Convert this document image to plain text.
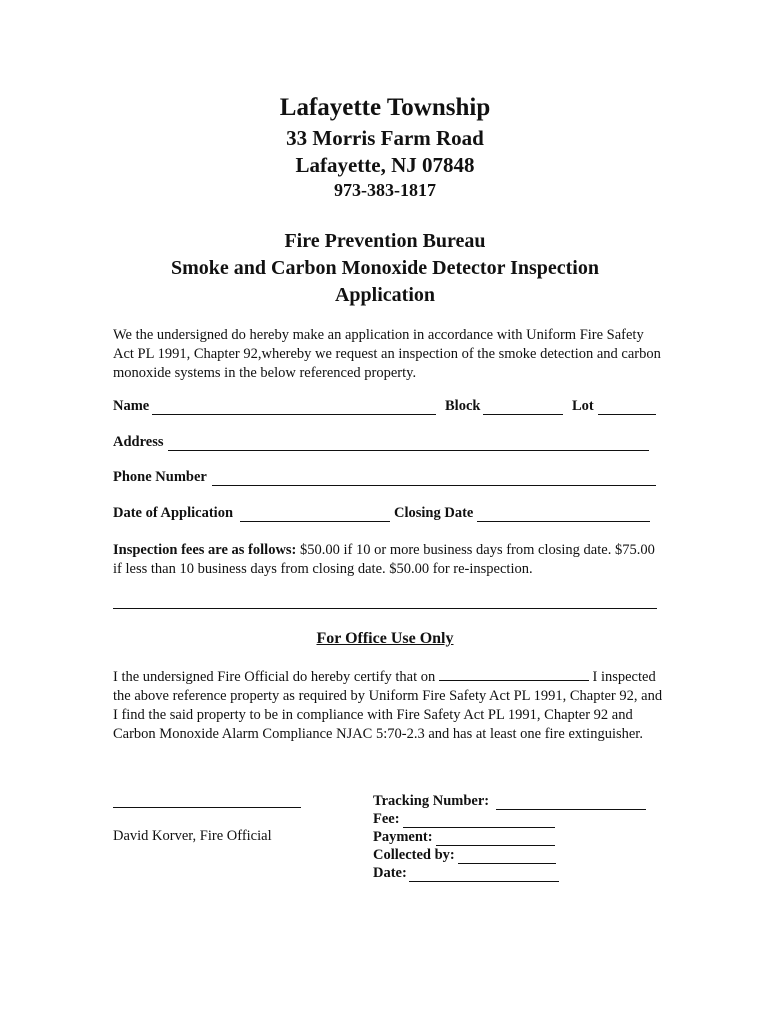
Lafayette Township
33 Morris Farm Road
Lafayette, NJ 07848
973-383-1817
Fire Prevention Bureau
Smoke and Carbon Monoxide Detector Inspection
Application
We the undersigned do hereby make an application in accordance with Uniform Fire Safety Act PL 1991, Chapter 92,whereby we request an inspection of the smoke detection and carbon monoxide systems in the below referenced property.
Name	Block	Lot
Address
Phone Number
Date of Application	Closing Date
Inspection fees are as follows: $50.00 if 10 or more business days from closing date. $75.00 if less than 10 business days from closing date. $50.00 for re-inspection.
For Office Use Only
I the undersigned Fire Official do hereby certify that on	I inspected the above reference property as required by Uniform Fire Safety Act PL 1991, Chapter 92, and I find the said property to be in compliance with Fire Safety Act PL 1991, Chapter 92 and Carbon Monoxide Alarm Compliance NJAC 5:70-2.3 and has at least one fire extinguisher.
David Korver, Fire Official
Tracking Number:
Fee:
Payment:
Collected by:
Date:
